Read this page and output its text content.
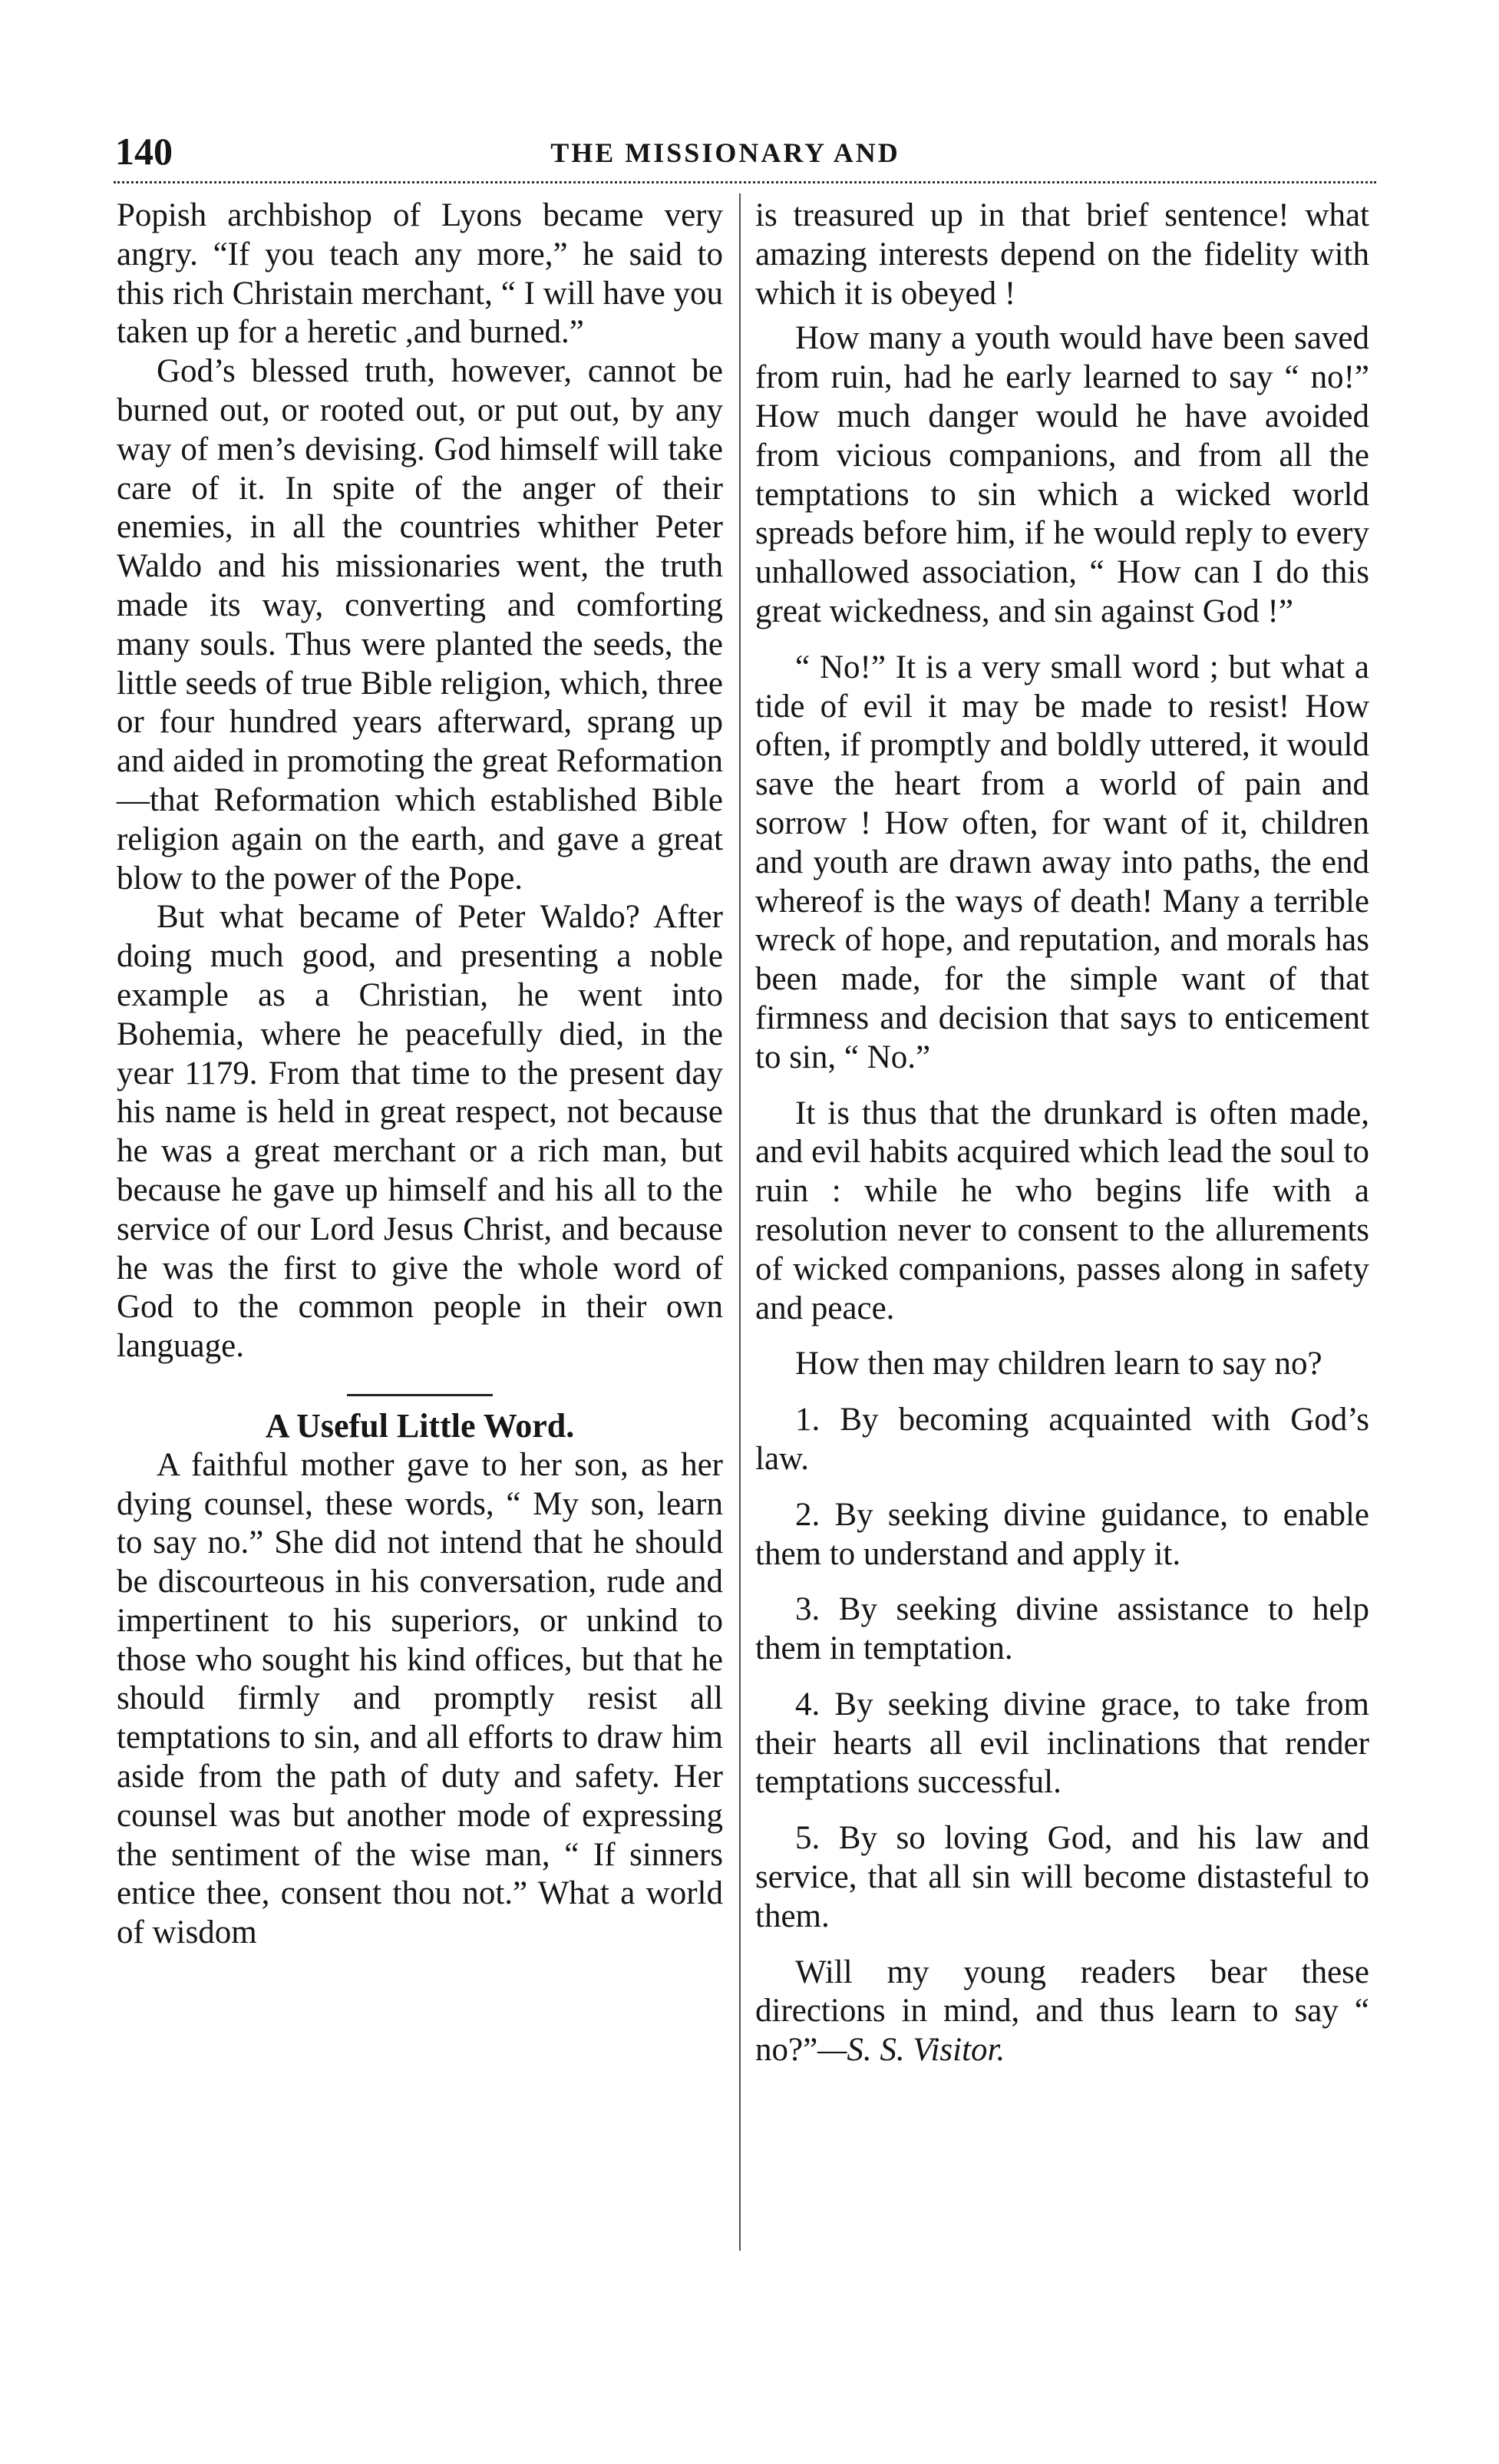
140	THE MISSIONARY AND

Popish archbishop of Lyons became very angry. “If you teach any more,” he said to this rich Christain merchant, “ I will have you taken up for a heretic ,and burned.”

God’s blessed truth, however, cannot be burned out, or rooted out, or put out, by any way of men’s devising. God himself will take care of it. In spite of the anger of their enemies, in all the countries whither Peter Waldo and his missionaries went, the truth made its way, converting and comforting many souls. Thus were planted the seeds, the little seeds of true Bible religion, which, three or four hundred years afterward, sprang up and aided in promoting the great Reformation—that Reformation which established Bible religion again on the earth, and gave a great blow to the power of the Pope.

But what became of Peter Waldo? After doing much good, and presenting a noble example as a Christian, he went into Bohemia, where he peacefully died, in the year 1179. From that time to the present day his name is held in great respect, not because he was a great merchant or a rich man, but because he gave up himself and his all to the service of our Lord Jesus Christ, and because he was the first to give the whole word of God to the common people in their own language.

A Useful Little Word.

A faithful mother gave to her son, as her dying counsel, these words, “ My son, learn to say no.” She did not intend that he should be discourteous in his conversation, rude and impertinent to his superiors, or unkind to those who sought his kind offices, but that he should firmly and promptly resist all temptations to sin, and all efforts to draw him aside from the path of duty and safety. Her counsel was but another mode of expressing the sentiment of the wise man, “ If sinners entice thee, consent thou not.” What a world of wisdom

is treasured up in that brief sentence! what amazing interests depend on the fidelity with which it is obeyed !

How many a youth would have been saved from ruin, had he early learned to say “ no!” How much danger would he have avoided from vicious companions, and from all the temptations to sin which a wicked world spreads before him, if he would reply to every unhallowed association, “ How can I do this great wickedness, and sin against God !”

“ No!” It is a very small word ; but what a tide of evil it may be made to resist! How often, if promptly and boldly uttered, it would save the heart from a world of pain and sorrow ! How often, for want of it, children and youth are drawn away into paths, the end whereof is the ways of death! Many a terrible wreck of hope, and reputation, and morals has been made, for the simple want of that firmness and decision that says to enticement to sin, “ No.”

It is thus that the drunkard is often made, and evil habits acquired which lead the soul to ruin : while he who begins life with a resolution never to consent to the allurements of wicked companions, passes along in safety and peace.

How then may children learn to say no?

1. By becoming acquainted with God’s law.

2. By seeking divine guidance, to enable them to understand and apply it.

3. By seeking divine assistance to help them in temptation.

4. By seeking divine grace, to take from their hearts all evil inclinations that render temptations successful.

5. By so loving God, and his law and service, that all sin will become distasteful to them.

Will my young readers bear these directions in mind, and thus learn to say “ no?”—S. S. Visitor.
